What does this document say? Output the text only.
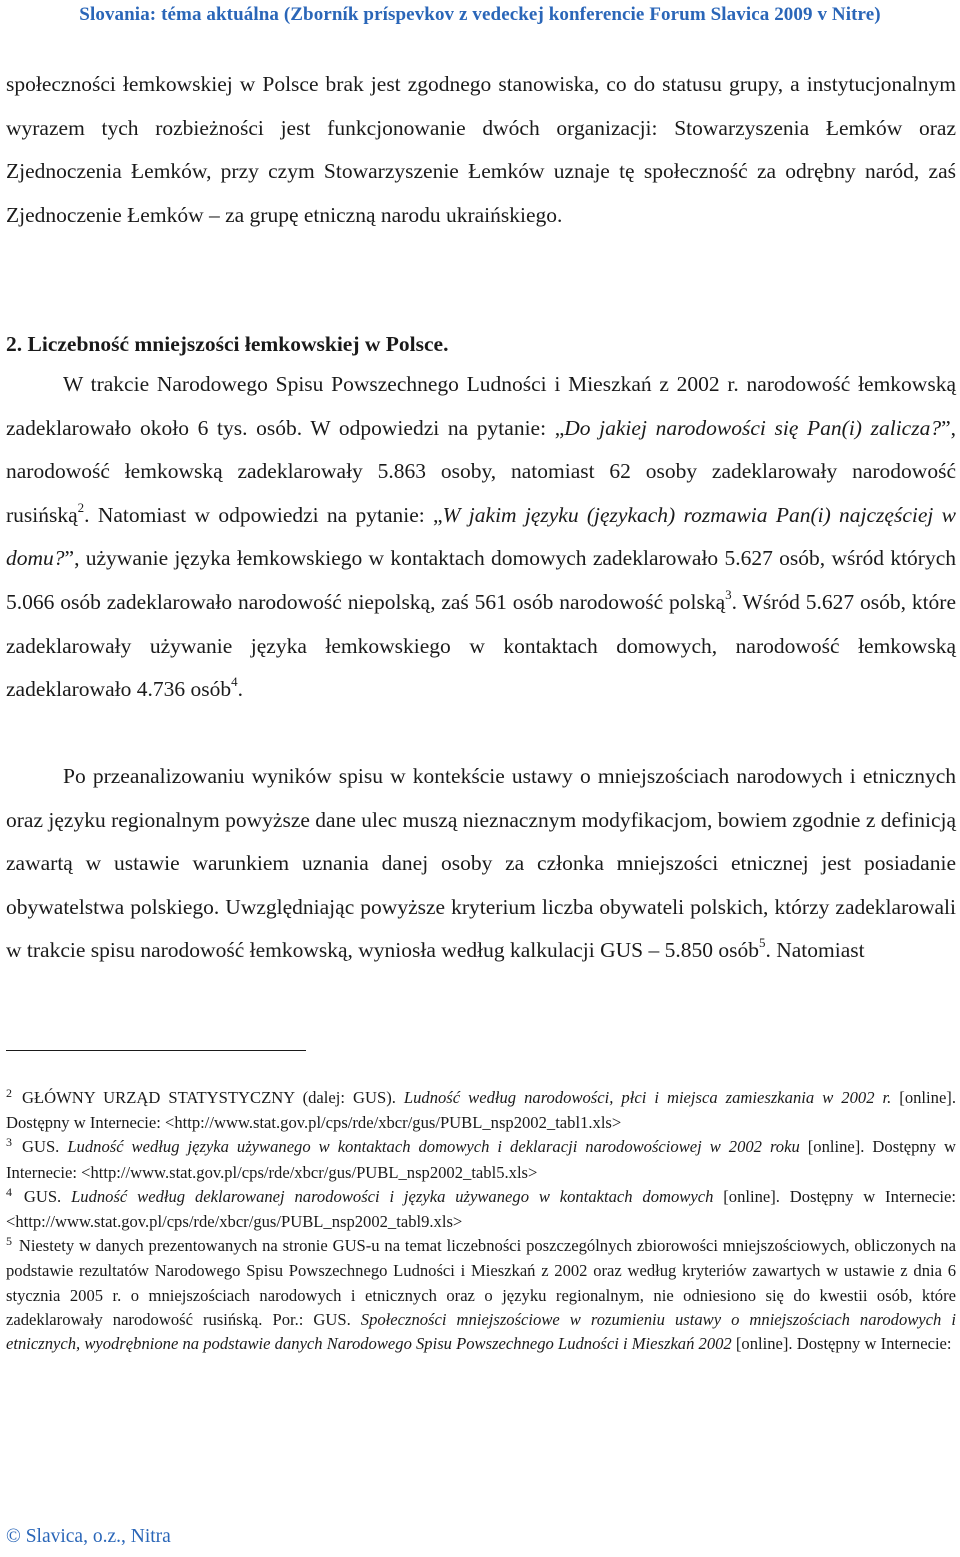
Slovania: téma aktuálna (Zborník príspevkov z vedeckej konferencie Forum Slavica 2009 v Nitre)

społeczności łemkowskiej w Polsce brak jest zgodnego stanowiska, co do statusu grupy, a instytucjonalnym wyrazem tych rozbieżności jest funkcjonowanie dwóch organizacji: Stowarzyszenia Łemków oraz Zjednoczenia Łemków, przy czym Stowarzyszenie Łemków uznaje tę społeczność za odrębny naród, zaś Zjednoczenie Łemków – za grupę etniczną narodu ukraińskiego.

2. Liczebność mniejszości łemkowskiej w Polsce.

W trakcie Narodowego Spisu Powszechnego Ludności i Mieszkań z 2002 r. narodowość łemkowską zadeklarowało około 6 tys. osób. W odpowiedzi na pytanie: „Do jakiej narodowości się Pan(i) zalicza?”, narodowość łemkowską zadeklarowały 5.863 osoby, natomiast 62 osoby zadeklarowały narodowość rusińską$^2$. Natomiast w odpowiedzi na pytanie: „W jakim języku (językach) rozmawia Pan(i) najczęściej w domu?”, używanie języka łemkowskiego w kontaktach domowych zadeklarowało 5.627 osób, wśród których 5.066 osób zadeklarowało narodowość niepolską, zaś 561 osób narodowość polską$^3$. Wśród 5.627 osób, które zadeklarowały używanie języka łemkowskiego w kontaktach domowych, narodowość łemkowską zadeklarowało 4.736 osób$^4$.

Po przeanalizowaniu wyników spisu w kontekście ustawy o mniejszościach narodowych i etnicznych oraz języku regionalnym powyższe dane ulec muszą nieznacznym modyfikacjom, bowiem zgodnie z definicją zawartą w ustawie warunkiem uznania danej osoby za członka mniejszości etnicznej jest posiadanie obywatelstwa polskiego. Uwzględniając powyższe kryterium liczba obywateli polskich, którzy zadeklarowali w trakcie spisu narodowość łemkowską, wyniosła według kalkulacji GUS – 5.850 osób$^5$. Natomiast

$^2$ GŁÓWNY URZĄD STATYSTYCZNY (dalej: GUS). Ludność według narodowości, płci i miejsca zamieszkania w 2002 r. [online]. Dostępny w Internecie: <http://www.stat.gov.pl/cps/rde/xbcr/gus/PUBL_nsp2002_tabl1.xls>

$^3$ GUS. Ludność według języka używanego w kontaktach domowych i deklaracji narodowościowej w 2002 roku [online]. Dostępny w Internecie: <http://www.stat.gov.pl/cps/rde/xbcr/gus/PUBL_nsp2002_tabl5.xls>

$^4$ GUS. Ludność według deklarowanej narodowości i języka używanego w kontaktach domowych [online]. Dostępny w Internecie: <http://www.stat.gov.pl/cps/rde/xbcr/gus/PUBL_nsp2002_tabl9.xls>

$^5$ Niestety w danych prezentowanych na stronie GUS-u na temat liczebności poszczególnych zbiorowości mniejszościowych, obliczonych na podstawie rezultatów Narodowego Spisu Powszechnego Ludności i Mieszkań z 2002 oraz według kryteriów zawartych w ustawie z dnia 6 stycznia 2005 r. o mniejszościach narodowych i etnicznych oraz o języku regionalnym, nie odniesiono się do kwestii osób, które zadeklarowały narodowość rusińską. Por.: GUS. Społeczności mniejszościowe w rozumieniu ustawy o mniejszościach narodowych i etnicznych, wyodrębnione na podstawie danych Narodowego Spisu Powszechnego Ludności i Mieszkań 2002 [online]. Dostępny w Internecie:

© Slavica, o.z., Nitra
